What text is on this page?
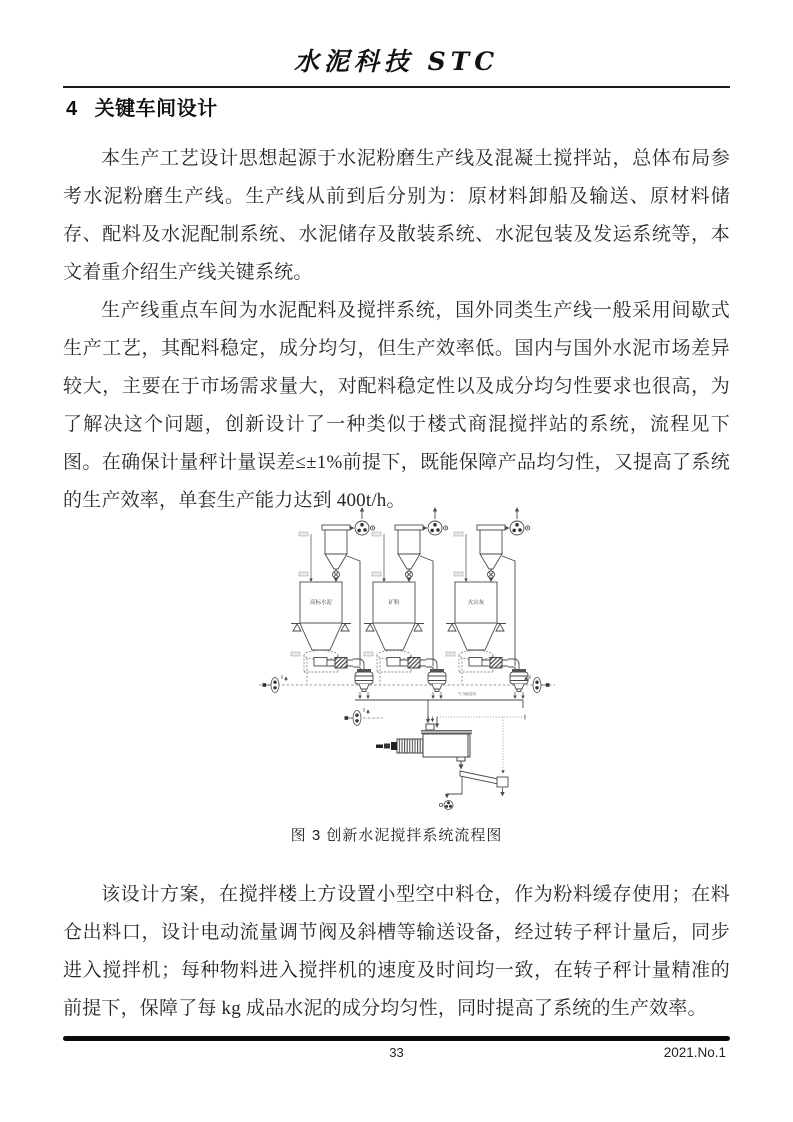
水泥科技 STC
4 关键车间设计

本生产工艺设计思想起源于水泥粉磨生产线及混凝土搅拌站，总体布局参考水泥粉磨生产线。生产线从前到后分别为：原材料卸船及输送、原材料储存、配料及水泥配制系统、水泥储存及散装系统、水泥包装及发运系统等，本文着重介绍生产线关键系统。

生产线重点车间为水泥配料及搅拌系统，国外同类生产线一般采用间歇式生产工艺，其配料稳定，成分均匀，但生产效率低。国内与国外水泥市场差异较大，主要在于市场需求量大，对配料稳定性以及成分均匀性要求也很高，为了解决这个问题，创新设计了一种类似于楼式商混搅拌站的系统，流程见下图。在确保计量秤计量误差≤±1%前提下，既能保障产品均匀性，又提高了系统的生产效率，单套生产能力达到 400t/h。

高标水泥	矿粉	火山灰
气力输送线
图 3 创新水泥搅拌系统流程图

该设计方案，在搅拌楼上方设置小型空中料仓，作为粉料缓存使用；在料仓出料口，设计电动流量调节阀及斜槽等输送设备，经过转子秤计量后，同步进入搅拌机；每种物料进入搅拌机的速度及时间均一致，在转子秤计量精准的前提下，保障了每 kg 成品水泥的成分均匀性，同时提高了系统的生产效率。

33	2021.No.1
